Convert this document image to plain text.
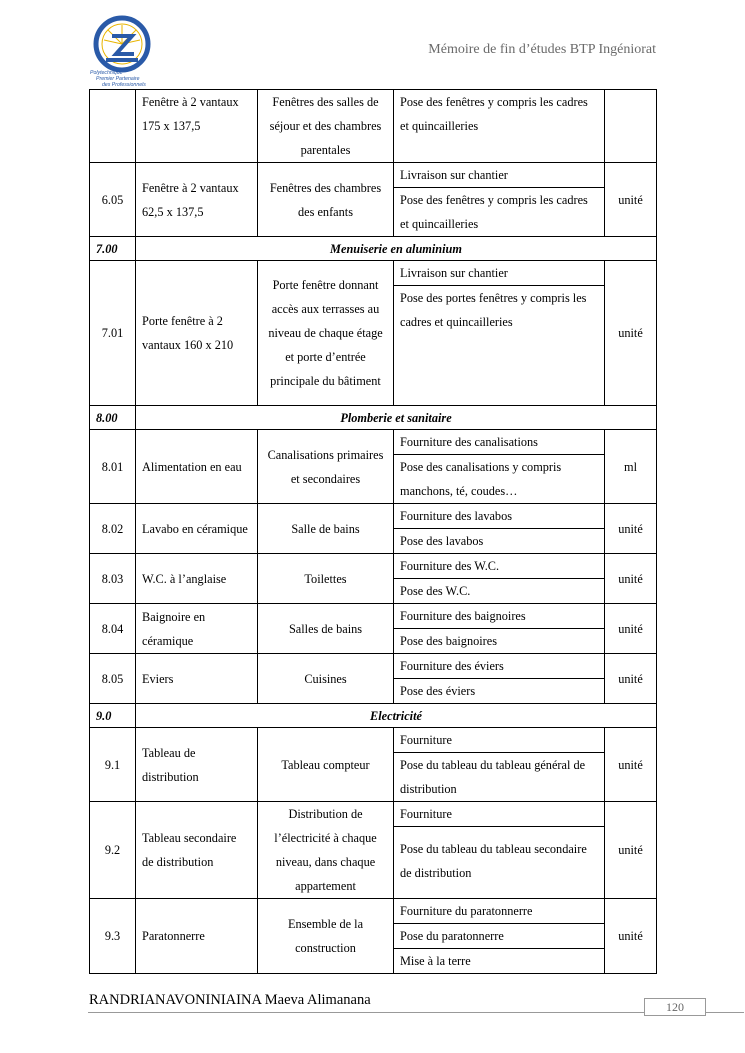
Polytechnique
Premier Partenaire
des Professionnels
Mémoire de fin d’études BTP Ingéniorat
	Fenêtre à 2 vantaux 175 x 137,5	Fenêtres des salles de séjour et des chambres parentales	Pose des fenêtres y compris les cadres et quincailleries	

6.05	Fenêtre à 2 vantaux 62,5 x 137,5	Fenêtres des chambres des enfants	Livraison sur chantier
Pose des fenêtres y compris les cadres et quincailleries	unité
7.00	Menuiserie en aluminium			
7.01	Porte fenêtre à 2 vantaux 160 x 210	Porte fenêtre donnant accès aux terrasses au niveau de chaque étage et porte d’entrée principale du bâtiment	Livraison sur chantier
Pose des portes fenêtres y compris les cadres et quincailleries	unité
8.00	Plomberie et sanitaire			
8.01	Alimentation en eau	Canalisations primaires et secondaires	Fourniture des canalisations
Pose des canalisations y compris manchons, té, coudes…	ml
8.02	Lavabo en céramique	Salle de bains	Fourniture des lavabos
Pose des lavabos	unité
8.03	W.C. à l’anglaise	Toilettes	Fourniture des W.C.
Pose des W.C.	unité
8.04	Baignoire en céramique	Salles de bains	Fourniture des baignoires
Pose des baignoires	unité
8.05	Eviers	Cuisines	Fourniture des éviers
Pose des éviers	unité
9.0	Electricité			
9.1	Tableau de distribution	Tableau compteur	Fourniture
Pose du tableau du tableau général de distribution	unité
9.2	Tableau secondaire de distribution	Distribution de l’électricité à chaque niveau, dans chaque appartement	Fourniture
Pose du tableau du tableau secondaire de distribution	unité
9.3	Paratonnerre	Ensemble de la construction	Fourniture du paratonnerre
Pose du paratonnerre
Mise à la terre	unité
RANDRIANAVONINIAINA Maeva Alimanana	120
